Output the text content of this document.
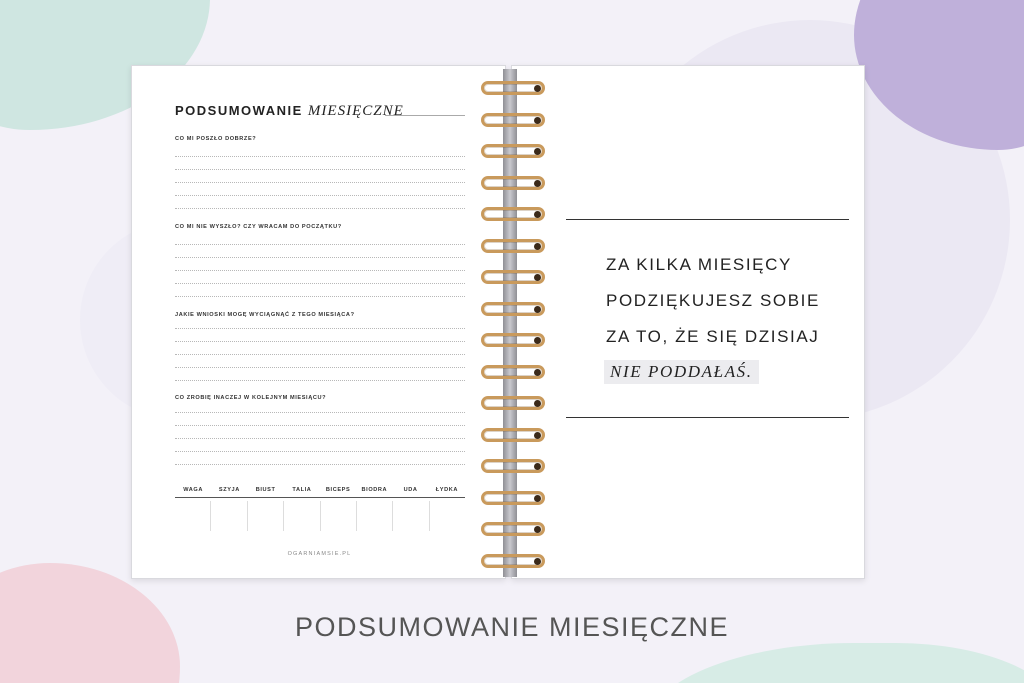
PODSUMOWANIE MIESIĘCZNE
CO MI POSZŁO DOBRZE?
CO MI NIE WYSZŁO? CZY WRACAM DO POCZĄTKU?
JAKIE WNIOSKI MOGĘ WYCIĄGNĄĆ Z TEGO MIESIĄCA?
CO ZROBIĘ INACZEJ W KOLEJNYM MIESIĄCU?
WAGA	SZYJA	BIUST	TALIA	BICEPS	BIODRA	UDA	ŁYDKA
OGARNIAMSIE.PL
ZA KILKA MIESIĘCY
PODZIĘKUJESZ SOBIE
ZA TO, ŻE SIĘ DZISIAJ
NIE PODDAŁAŚ.
PODSUMOWANIE MIESIĘCZNE
